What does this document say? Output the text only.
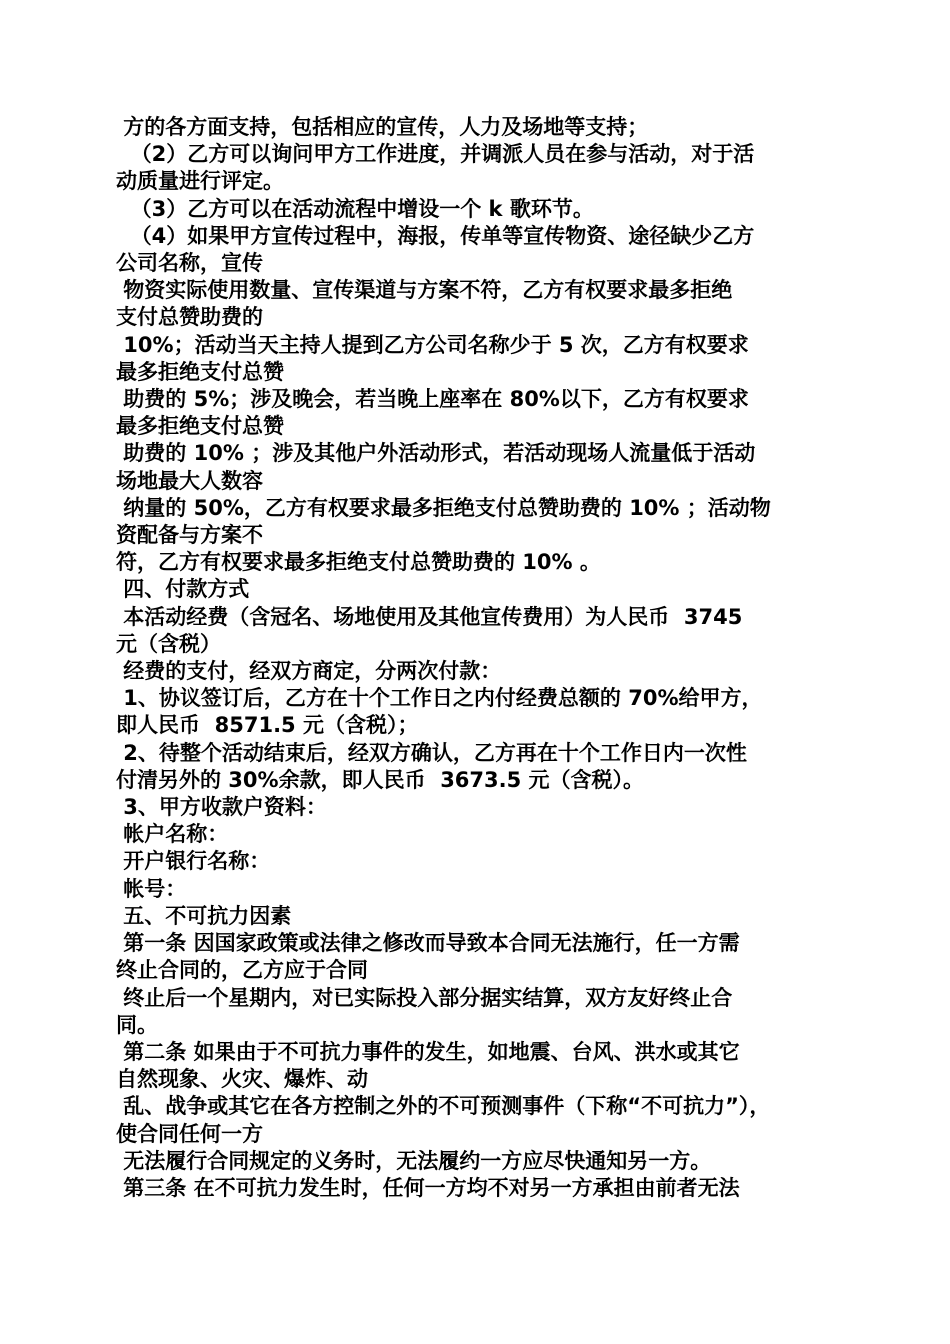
方的各方面支持，包括相应的宣传，人力及场地等支持；
（2）乙方可以询问甲方工作进度，并调派人员在参与活动，对于活
动质量进行评定。
（3）乙方可以在活动流程中增设一个 k 歌环节。
（4）如果甲方宣传过程中，海报，传单等宣传物资、途径缺少乙方
公司名称，宣传
物资实际使用数量、宣传渠道与方案不符，乙方有权要求最多拒绝
支付总赞助费的
10%；活动当天主持人提到乙方公司名称少于 5 次，乙方有权要求
最多拒绝支付总赞
助费的 5%；涉及晚会，若当晚上座率在 80%以下，乙方有权要求
最多拒绝支付总赞
助费的 10% ；涉及其他户外活动形式，若活动现场人流量低于活动
场地最大人数容
纳量的 50%，乙方有权要求最多拒绝支付总赞助费的 10% ；活动物
资配备与方案不
符，乙方有权要求最多拒绝支付总赞助费的 10% 。
四、付款方式
本活动经费（含冠名、场地使用及其他宣传费用）为人民币  3745
元（含税）
经费的支付，经双方商定，分两次付款：
1、协议签订后，乙方在十个工作日之内付经费总额的 70%给甲方，
即人民币  8571.5 元（含税）；
2、待整个活动结束后，经双方确认，乙方再在十个工作日内一次性
付清另外的 30%余款，即人民币  3673.5 元（含税）。
3、甲方收款户资料：
帐户名称：
开户银行名称：
帐号：
五、不可抗力因素
第一条 因国家政策或法律之修改而导致本合同无法施行，任一方需
终止合同的，乙方应于合同
终止后一个星期内，对已实际投入部分据实结算，双方友好终止合
同。
第二条 如果由于不可抗力事件的发生，如地震、台风、洪水或其它
自然现象、火灾、爆炸、动
乱、战争或其它在各方控制之外的不可预测事件（下称“不可抗力”），
使合同任何一方
无法履行合同规定的义务时，无法履约一方应尽快通知另一方。
第三条 在不可抗力发生时，任何一方均不对另一方承担由前者无法
